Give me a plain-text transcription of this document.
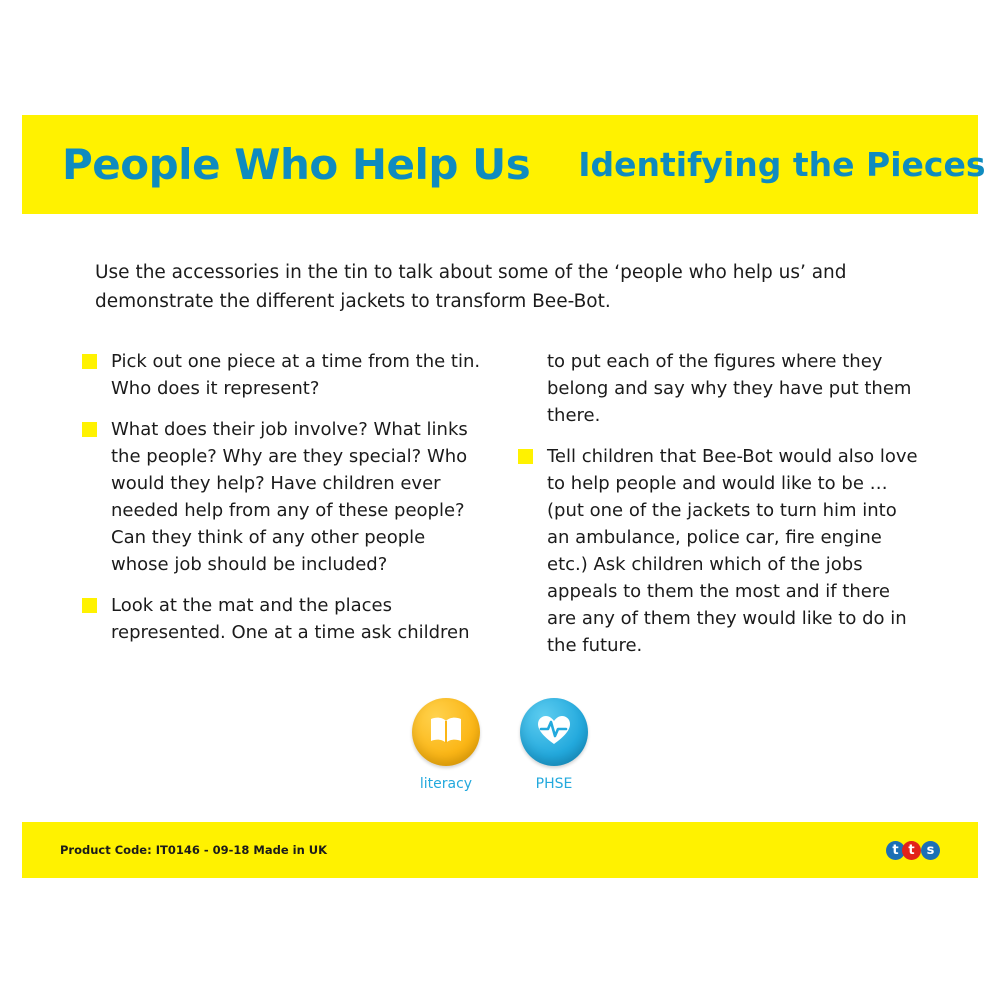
People Who Help Us Identifying the Pieces
Use the accessories in the tin to talk about some of the ‘people who help us’ and demonstrate the different jackets to transform Bee-Bot.
Pick out one piece at a time from the tin. Who does it represent?
What does their job involve? What links the people? Why are they special? Who would they help? Have children ever needed help from any of these people? Can they think of any other people whose job should be included?
Look at the mat and the places represented. One at a time ask children
to put each of the figures where they belong and say why they have put them there.
Tell children that Bee-Bot would also love to help people and would like to be … (put one of the jackets to turn him into an ambulance, police car, fire engine etc.) Ask children which of the jobs appeals to them the most and if there are any of them they would like to do in the future.
literacy	PHSE
Product Code: IT0146 - 09-18 Made in UK	t t s
